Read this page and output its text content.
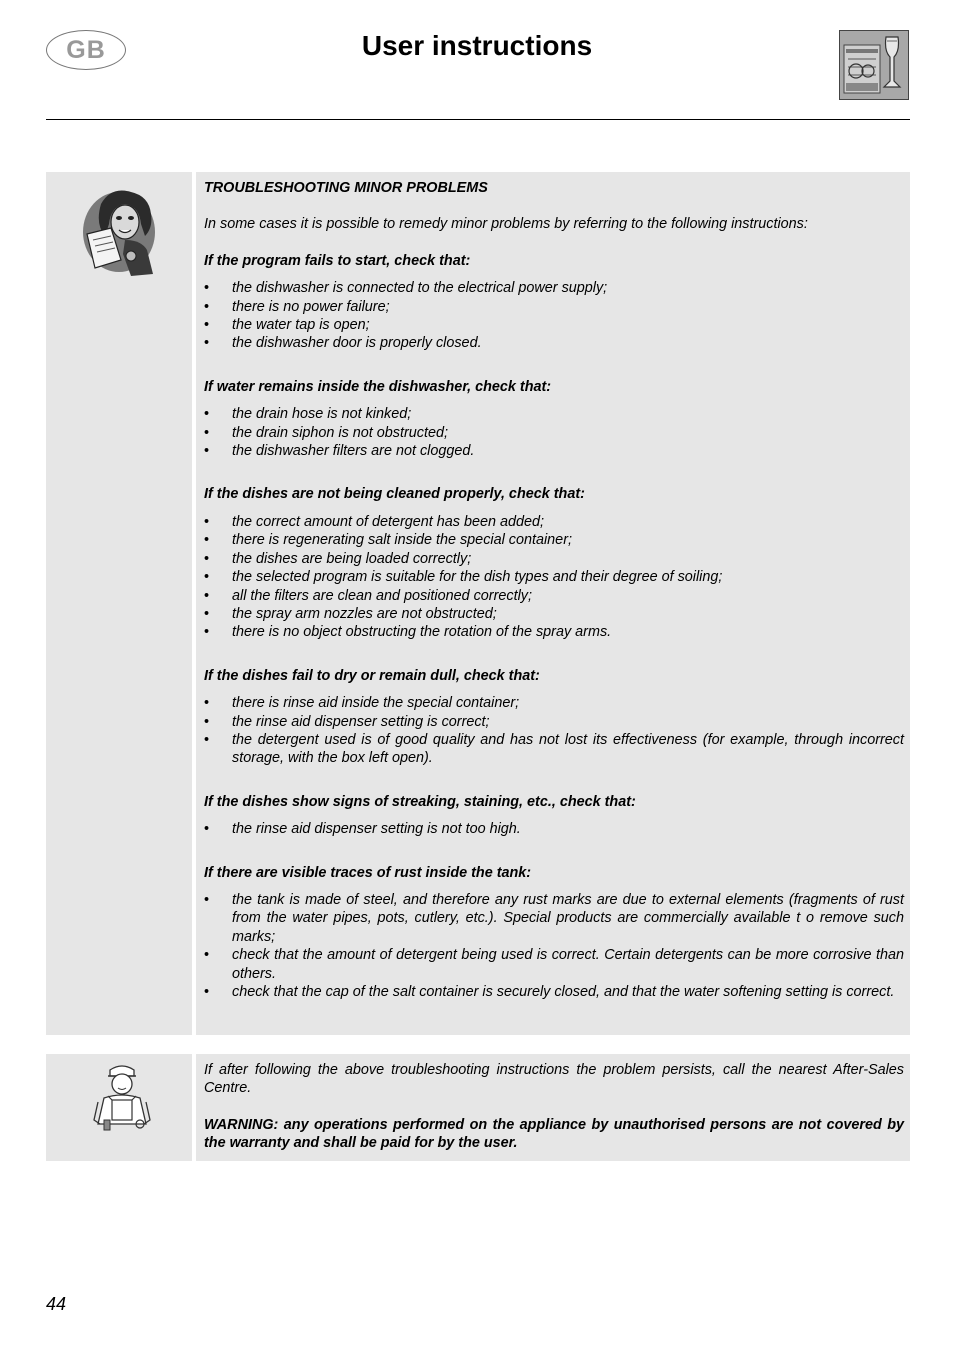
GB	User instructions

TROUBLESHOOTING MINOR PROBLEMS

In some cases it is possible to remedy minor problems by referring to the following instructions:

If the program fails to start, check that:

• the dishwasher is connected to the electrical power supply;
• there is no power failure;
• the water tap is open;
• the dishwasher door is properly closed.

If water remains inside the dishwasher, check that:

• the drain hose is not kinked;
• the drain siphon is not obstructed;
• the dishwasher filters are not clogged.

If the dishes are not being cleaned properly, check that:

• the correct amount of detergent has been added;
• there is regenerating salt inside the special container;
• the dishes are being loaded correctly;
• the selected program is suitable for the dish types and their degree of soiling;
• all the filters are clean and positioned correctly;
• the spray arm nozzles are not obstructed;
• there is no object obstructing the rotation of the spray arms.

If the dishes fail to dry or remain dull, check that:

• there is rinse aid inside the special container;
• the rinse aid dispenser setting is correct;
• the detergent used is of good quality and has not lost its effectiveness (for example, through incorrect storage, with the box left open).

If the dishes show signs of streaking, staining, etc., check that:

• the rinse aid dispenser setting is not too high.

If there are visible traces of rust inside the tank:

• the tank is made of steel, and therefore any rust marks are due to external elements (fragments of rust from the water pipes, pots, cutlery, etc.). Special products are commercially available t o remove such marks;
• check that the amount of detergent being used is correct. Certain detergents can be more corrosive than others.
• check that the cap of the salt container is securely closed, and that the water softening setting is correct.

If after following the above troubleshooting instructions the problem persists, call the nearest After-Sales Centre.

WARNING: any operations performed on the appliance by unauthorised persons are not covered by the warranty and shall be paid for by the user.

44
